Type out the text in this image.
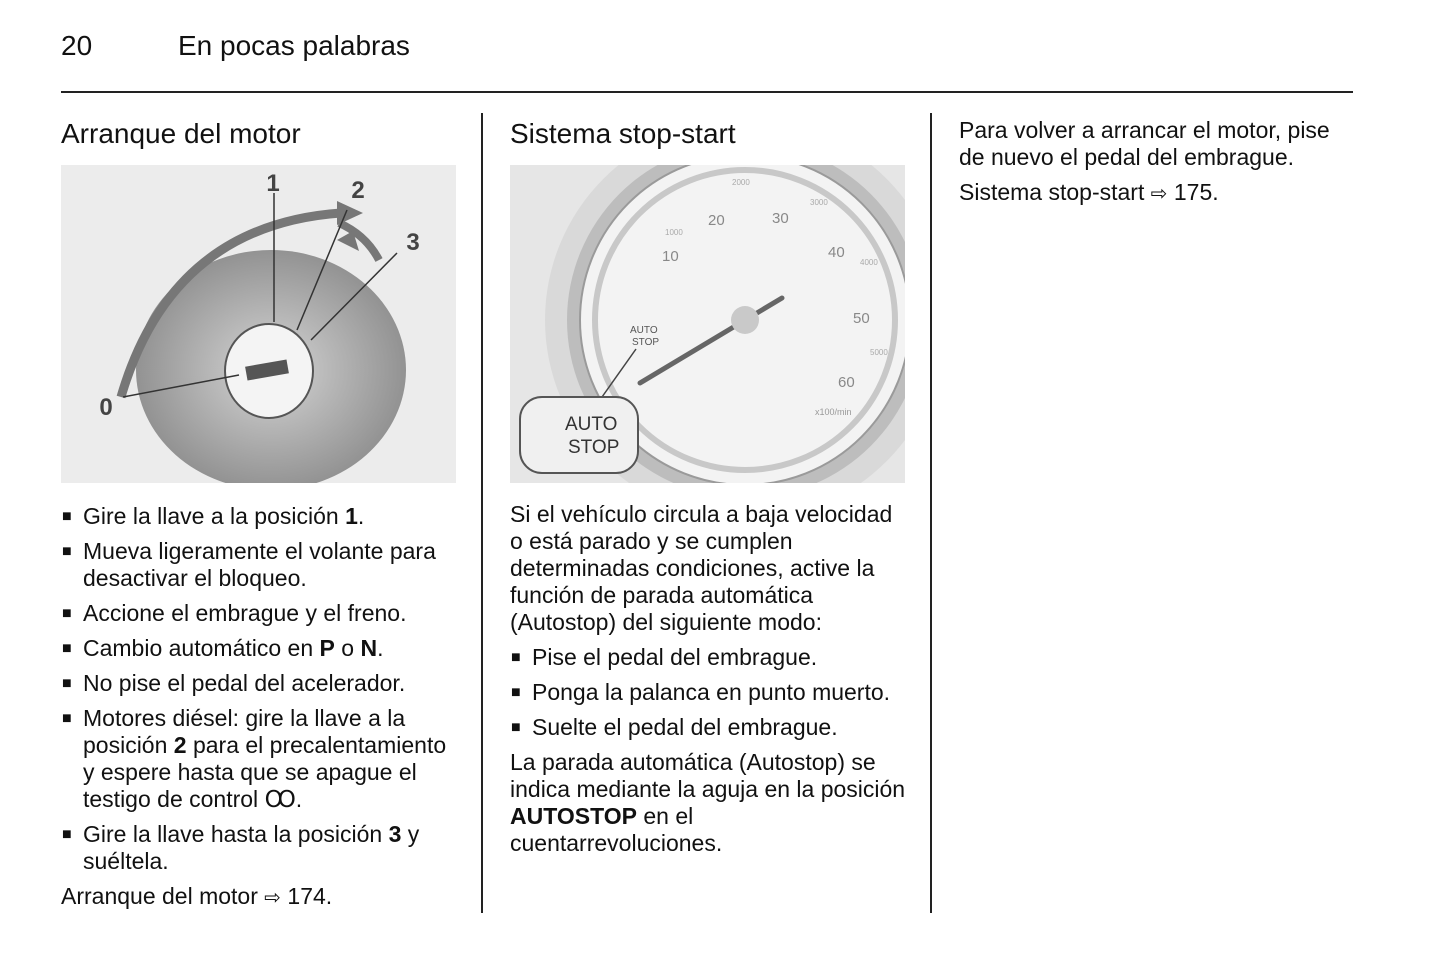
20	En pocas palabras
Arranque del motor
1	2
3
0
■ Gire la llave a la posición 1.
■ Mueva ligeramente el volante para desactivar el bloqueo.
■ Accione el embrague y el freno.
■ Cambio automático en P o N.
■ No pise el pedal del acelerador.
■ Motores diésel: gire la llave a la posición 2 para el precalentamiento y espere hasta que se apague el testigo de control Ꝏ.
■ Gire la llave hasta la posición 3 y suéltela.

Arranque del motor ⇨ 174.

Sistema stop-start
10
20	30
40
50
60
1000
2000
3000
4000
5000
x100/min
AUTO
STOP
AUTO
STOP

Si el vehículo circula a baja velocidad o está parado y se cumplen determinadas condiciones, active la función de parada automática (Autostop) del siguiente modo:

■ Pise el pedal del embrague.
■ Ponga la palanca en punto muerto.
■ Suelte el pedal del embrague.

La parada automática (Autostop) se indica mediante la aguja en la posición AUTOSTOP en el cuentarrevoluciones.

Para volver a arrancar el motor, pise de nuevo el pedal del embrague.

Sistema stop-start ⇨ 175.
